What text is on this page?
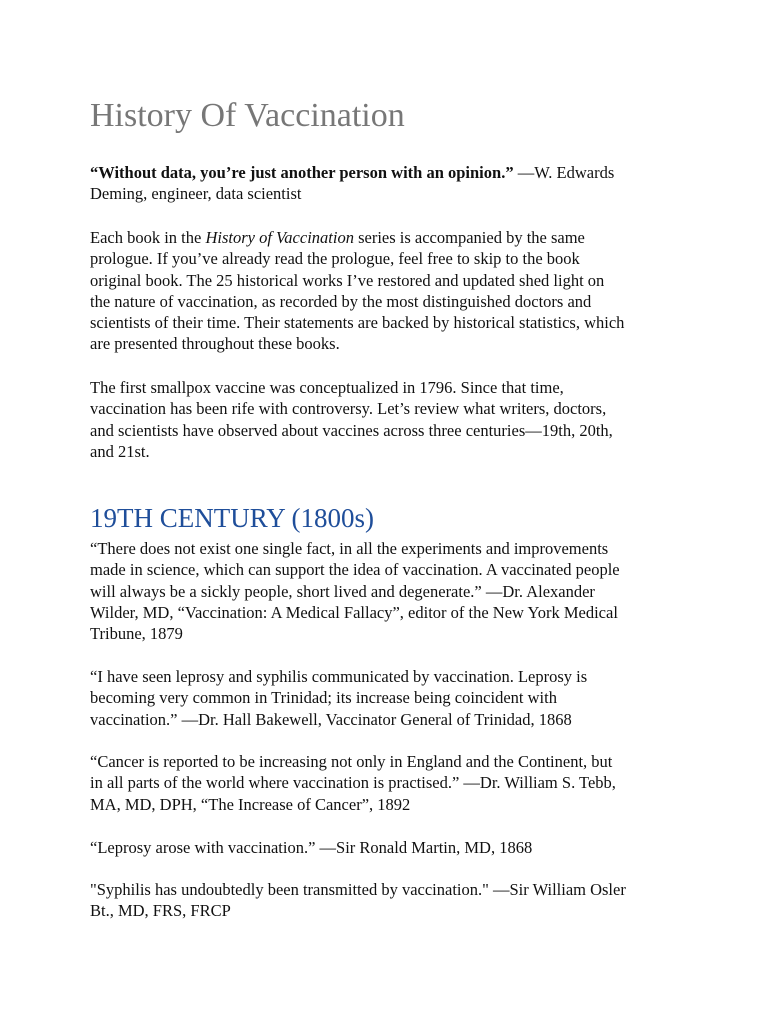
History Of Vaccination

“Without data, you’re just another person with an opinion.” —W. Edwards
Deming, engineer, data scientist

Each book in the History of Vaccination series is accompanied by the same
prologue. If you’ve already read the prologue, feel free to skip to the book
original book. The 25 historical works I’ve restored and updated shed light on
the nature of vaccination, as recorded by the most distinguished doctors and
scientists of their time. Their statements are backed by historical statistics, which
are presented throughout these books.

The first smallpox vaccine was conceptualized in 1796. Since that time,
vaccination has been rife with controversy. Let’s review what writers, doctors,
and scientists have observed about vaccines across three centuries—19th, 20th,
and 21st.

19TH CENTURY (1800s)

“There does not exist one single fact, in all the experiments and improvements
made in science, which can support the idea of vaccination. A vaccinated people
will always be a sickly people, short lived and degenerate.” —Dr. Alexander
Wilder, MD, “Vaccination: A Medical Fallacy”, editor of the New York Medical
Tribune, 1879

“I have seen leprosy and syphilis communicated by vaccination. Leprosy is
becoming very common in Trinidad; its increase being coincident with
vaccination.” —Dr. Hall Bakewell, Vaccinator General of Trinidad, 1868

“Cancer is reported to be increasing not only in England and the Continent, but
in all parts of the world where vaccination is practised.” —Dr. William S. Tebb,
MA, MD, DPH, “The Increase of Cancer”, 1892

“Leprosy arose with vaccination.” —Sir Ronald Martin, MD, 1868

"Syphilis has undoubtedly been transmitted by vaccination." —Sir William Osler
Bt., MD, FRS, FRCP
